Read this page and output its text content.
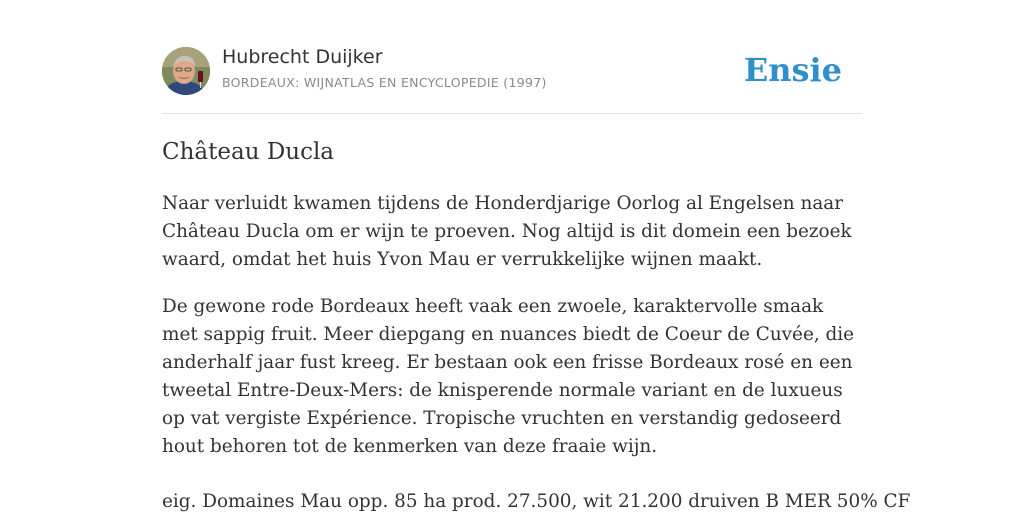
Hubrecht Duijker
BORDEAUX: WIJNATLAS EN ENCYCLOPEDIE (1997)	Ensie
Château Ducla

Naar verluidt kwamen tijdens de Honderdjarige Oorlog al Engelsen naar Château Ducla om er wijn te proeven. Nog altijd is dit domein een bezoek waard, omdat het huis Yvon Mau er verrukkelijke wijnen maakt.

De gewone rode Bordeaux heeft vaak een zwoele, karaktervolle smaak met sappig fruit. Meer diepgang en nuances biedt de Coeur de Cuvée, die anderhalf jaar fust kreeg. Er bestaan ook een frisse Bordeaux rosé en een tweetal Entre-Deux-Mers: de knisperende normale variant en de luxueus op vat vergiste Expérience. Tropische vruchten en verstandig gedoseerd hout behoren tot de kenmerken van deze fraaie wijn.

eig. Domaines Mau opp. 85 ha prod. 27.500, wit 21.200 druiven B MER 50% CF
